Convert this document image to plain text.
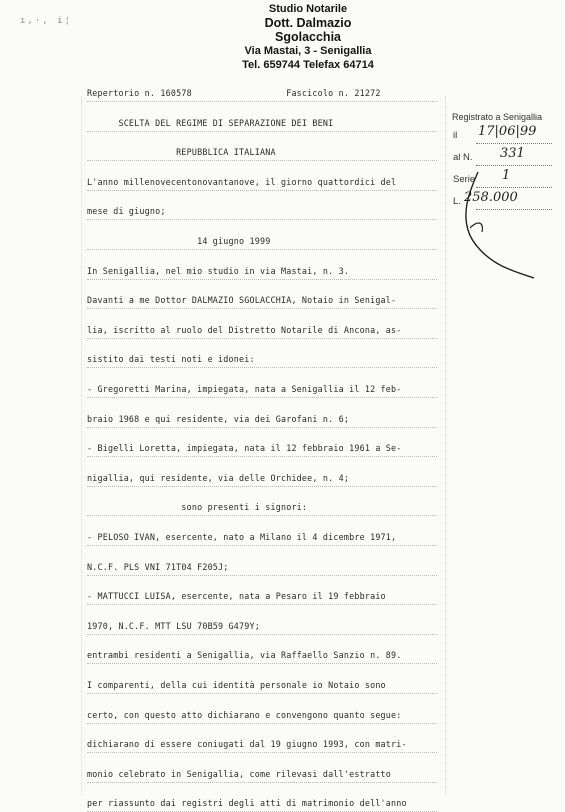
ı,·, i¦
Studio Notarile
Dott. Dalmazio Sgolacchia
Via Mastai, 3 - Senigallia
Tel. 659744 Telefax 64714
Registrato a Senigallia
il 17|06|99
al N. 331
Serie 1
L. 258.000
Repertorio n. 160578                  Fascicolo n. 21272
SCELTA DEL REGIME DI SEPARAZIONE DEI BENI
REPUBBLICA ITALIANA
L'anno millenovecentonovantanove, il giorno quattordici del
mese di giugno;
14 giugno 1999
In Senigallia, nel mio studio in via Mastai, n. 3.
Davanti a me Dottor DALMAZIO SGOLACCHIA, Notaio in Senigal-
lia, iscritto al ruolo del Distretto Notarile di Ancona, as-
sistito dai testi noti e idonei:
- Gregoretti Marina, impiegata, nata a Senigallia il 12 feb-
braio 1968 e qui residente, via dei Garofani n. 6;
- Bigelli Loretta, impiegata, nata il 12 febbraio 1961 a Se-
nigallia, qui residente, via delle Orchidee, n. 4;
sono presenti i signori:
- PELOSO IVAN, esercente, nato a Milano il 4 dicembre 1971,
N.C.F. PLS VNI 71T04 F205J;
- MATTUCCI LUISA, esercente, nata a Pesaro il 19 febbraio
1970, N.C.F. MTT LSU 70B59 G479Y;
entrambi residenti a Senigallia, via Raffaello Sanzio n. 89.
I comparenti, della cui identità personale io Notaio sono
certo, con questo atto dichiarano e convengono quanto segue:
dichiarano di essere coniugati dal 19 giugno 1993, con matri-
monio celebrato in Senigallia, come rilevasi dall'estratto
per riassunto dai registri degli atti di matrimonio dell'anno
